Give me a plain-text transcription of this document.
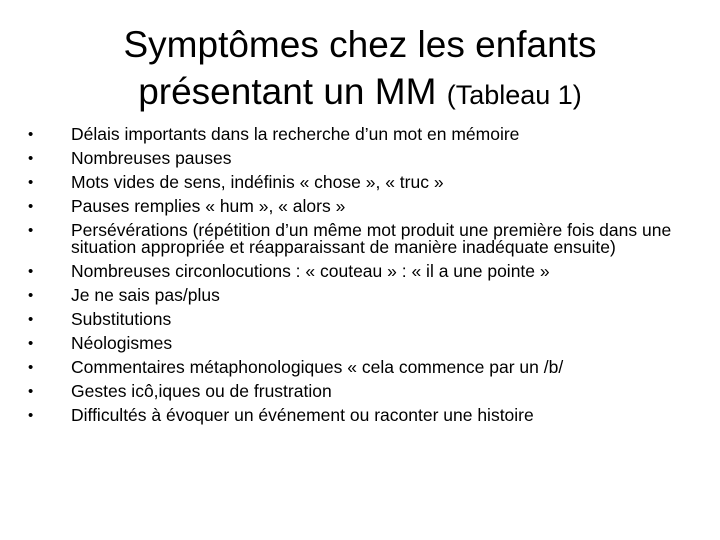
Symptômes chez les enfants présentant un MM (Tableau 1)
• Délais importants dans la recherche d’un mot en mémoire
• Nombreuses pauses
• Mots vides de sens, indéfinis « chose », « truc »
• Pauses remplies « hum », « alors »
• Persévérations (répétition d’un même mot produit une première fois dans une situation appropriée et réapparaissant de manière inadéquate ensuite)
• Nombreuses circonlocutions : « couteau » : « il a une pointe »
• Je ne sais pas/plus
• Substitutions
• Néologismes
• Commentaires métaphonologiques « cela commence par un /b/
• Gestes icô,iques ou de frustration
• Difficultés à évoquer un événement ou raconter une histoire
